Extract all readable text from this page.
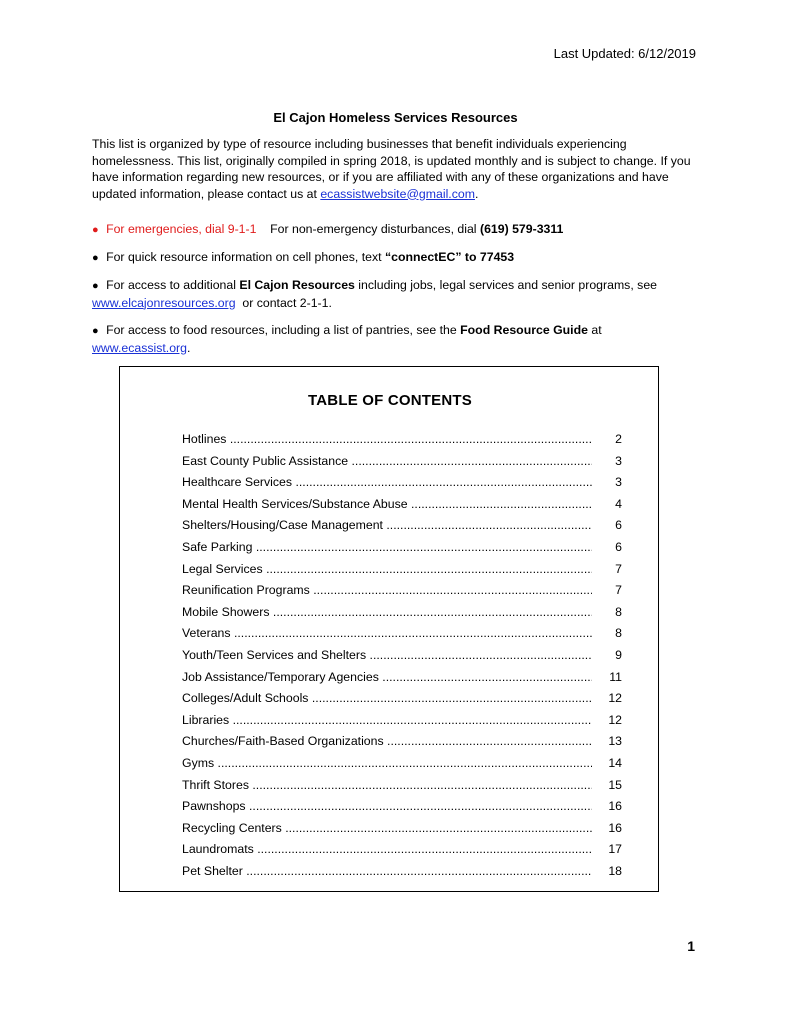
Last Updated: 6/12/2019
El Cajon Homeless Services Resources

This list is organized by type of resource including businesses that benefit individuals experiencing homelessness. This list, originally compiled in spring 2018, is updated monthly and is subject to change. If you have information regarding new resources, or if you are affiliated with any of these organizations and have updated information, please contact us at ecassistwebsite@gmail.com.

● For emergencies, dial 9-1-1 For non-emergency disturbances, dial (619) 579-3311
● For quick resource information on cell phones, text “connectEC” to 77453
● For access to additional El Cajon Resources including jobs, legal services and senior programs, see
www.elcajonresources.org or contact 2-1-1.
● For access to food resources, including a list of pantries, see the Food Resource Guide at
www.ecassist.org.
TABLE OF CONTENTS
Hotlines .....	2
East County Public Assistance .....	3
Healthcare Services .....	3
Mental Health Services/Substance Abuse .....	4
Shelters/Housing/Case Management .....	6
Safe Parking .....	6
Legal Services .....	7
Reunification Programs .....	7
Mobile Showers .....	8
Veterans .....	8
Youth/Teen Services and Shelters .....	9
Job Assistance/Temporary Agencies .....	11
Colleges/Adult Schools .....	12
Libraries .....	12
Churches/Faith-Based Organizations .....	13
Gyms .....	14
Thrift Stores .....	15
Pawnshops .....	16
Recycling Centers .....	16
Laundromats .....	17
Pet Shelter .....	18
1
